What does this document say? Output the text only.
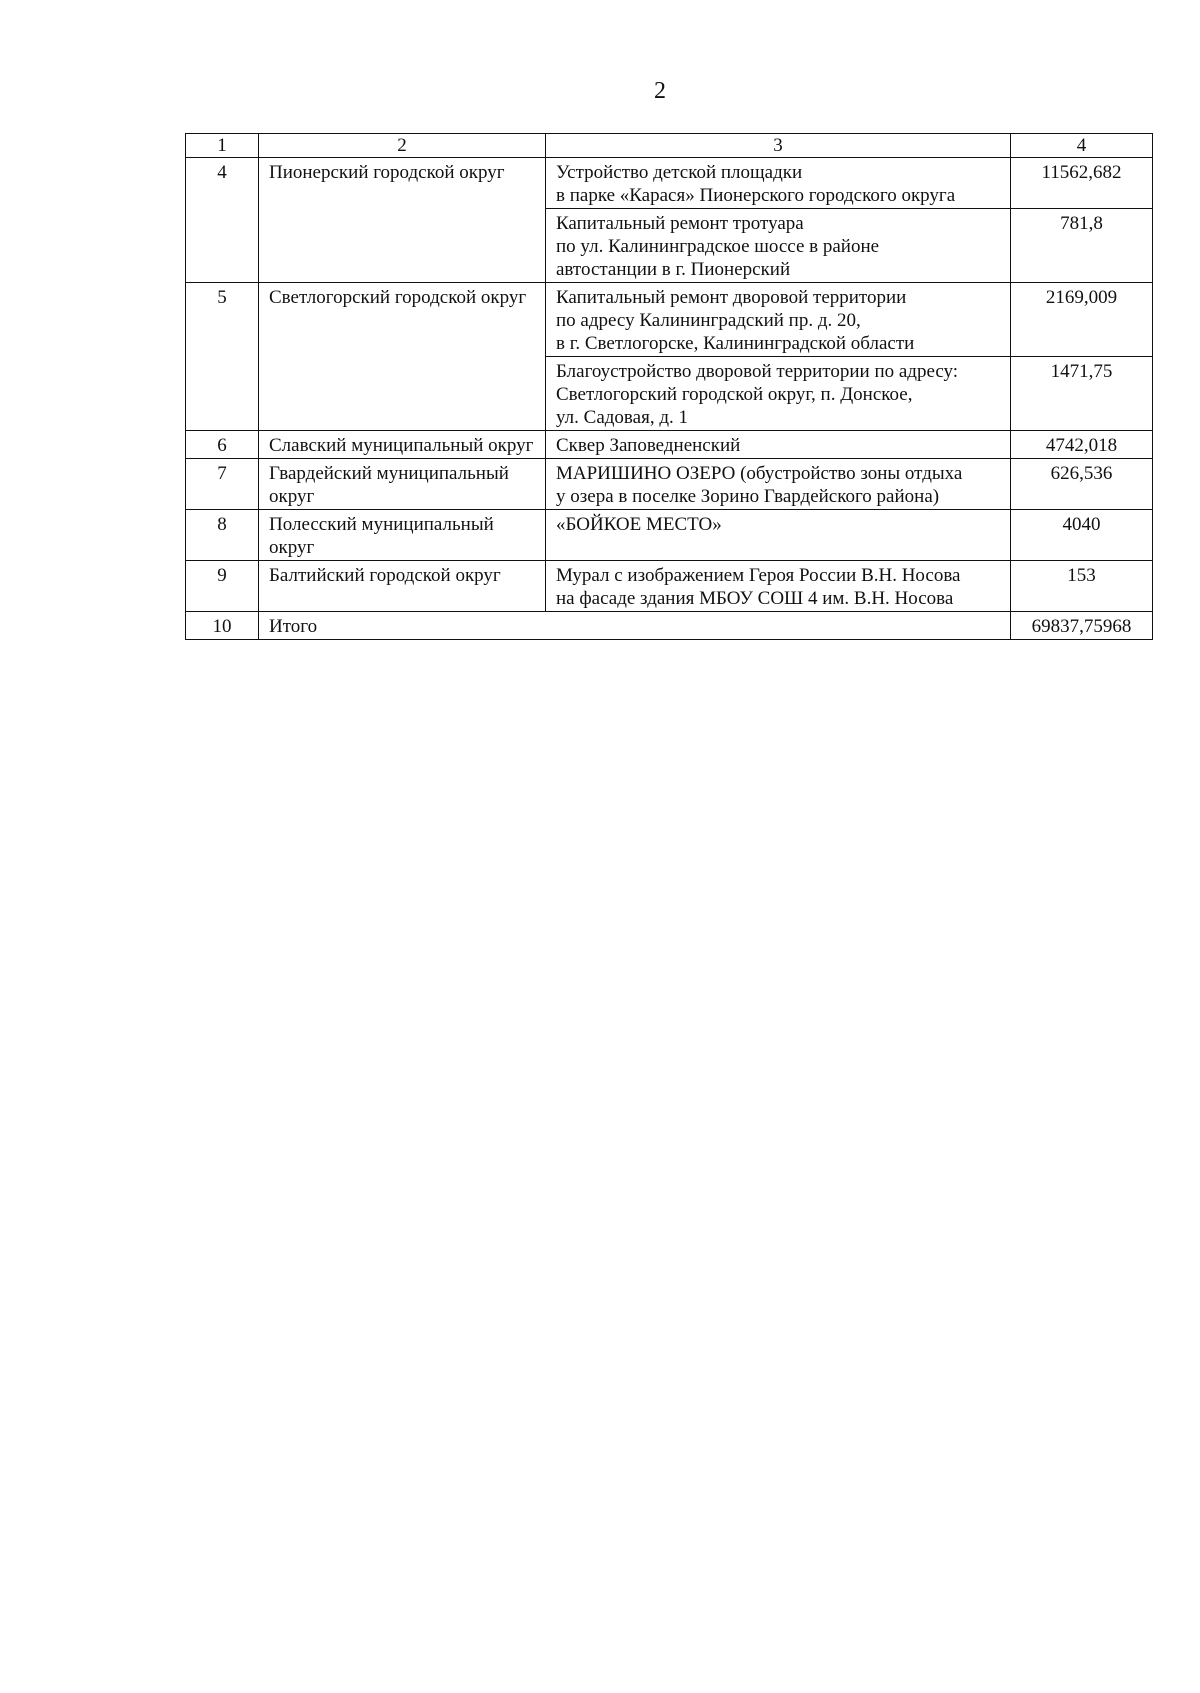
2
1	2	3	4
4	Пионерский городской округ	Устройство детской площадки
в парке «Карася» Пионерского городского округа	11562,682

		Капитальный ремонт тротуара
по ул. Калининградское шоссе в районе
автостанции в г. Пионерский	781,8
5	Светлогорский городской округ	Капитальный ремонт дворовой территории
по адресу Калининградский пр. д. 20,
в г. Светлогорске, Калининградской области	2169,009

		Благоустройство дворовой территории по адресу:
Светлогорский городской округ, п. Донское,
ул. Садовая, д. 1	1471,75
6	Славский муниципальный округ	Сквер Заповедненский	4742,018
7	Гвардейский муниципальный округ	МАРИШИНО ОЗЕРО (обустройство зоны отдыха
у озера в поселке Зорино Гвардейского района)	626,536
8	Полесский муниципальный округ	«БОЙКОЕ МЕСТО»	4040
9	Балтийский городской округ	Мурал с изображением Героя России В.Н. Носова
на фасаде здания МБОУ СОШ 4 им. В.Н. Носова	153
10	Итого		69837,75968
